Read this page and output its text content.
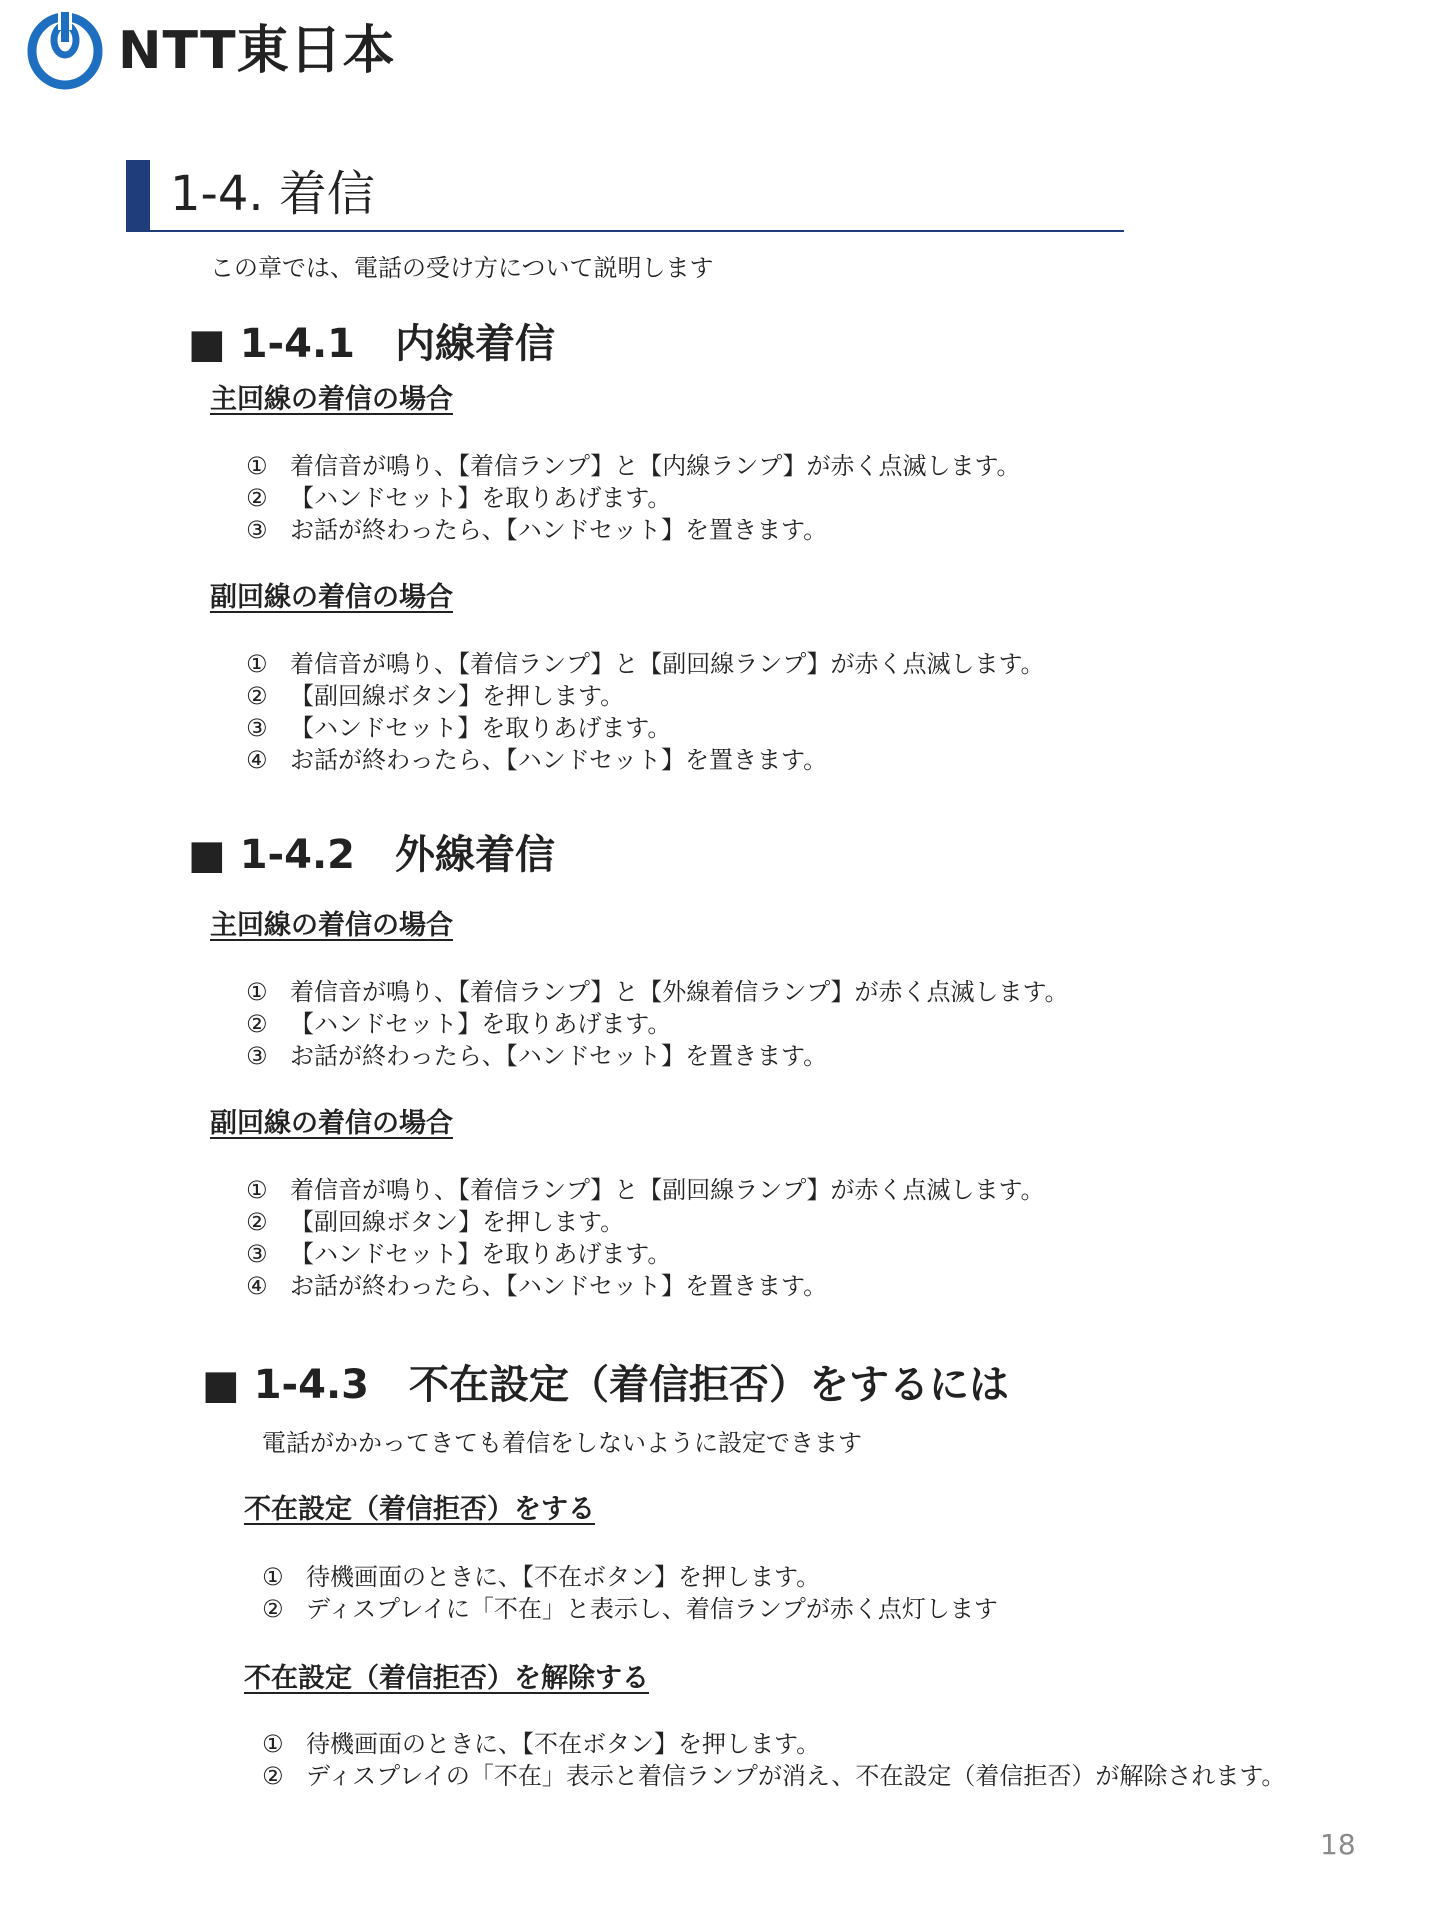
NTT東日本
1-4. 着信
この章では、電話の受け方について説明します
■ 1-4.1　内線着信
主回線の着信の場合
① 着信音が鳴り、【着信ランプ】と【内線ランプ】が赤く点滅します。
② 【ハンドセット】を取りあげます。
③ お話が終わったら、【ハンドセット】を置きます。
副回線の着信の場合
① 着信音が鳴り、【着信ランプ】と【副回線ランプ】が赤く点滅します。
② 【副回線ボタン】を押します。
③ 【ハンドセット】を取りあげます。
④ お話が終わったら、【ハンドセット】を置きます。
■ 1-4.2　外線着信
主回線の着信の場合
① 着信音が鳴り、【着信ランプ】と【外線着信ランプ】が赤く点滅します。
② 【ハンドセット】を取りあげます。
③ お話が終わったら、【ハンドセット】を置きます。
副回線の着信の場合
① 着信音が鳴り、【着信ランプ】と【副回線ランプ】が赤く点滅します。
② 【副回線ボタン】を押します。
③ 【ハンドセット】を取りあげます。
④ お話が終わったら、【ハンドセット】を置きます。
■ 1-4.3　不在設定（着信拒否）をするには
電話がかかってきても着信をしないように設定できます
不在設定（着信拒否）をする
① 待機画面のときに、【不在ボタン】を押します。
② ディスプレイに「不在」と表示し、着信ランプが赤く点灯します
不在設定（着信拒否）を解除する
① 待機画面のときに、【不在ボタン】を押します。
② ディスプレイの「不在」表示と着信ランプが消え、不在設定（着信拒否）が解除されます。
18
